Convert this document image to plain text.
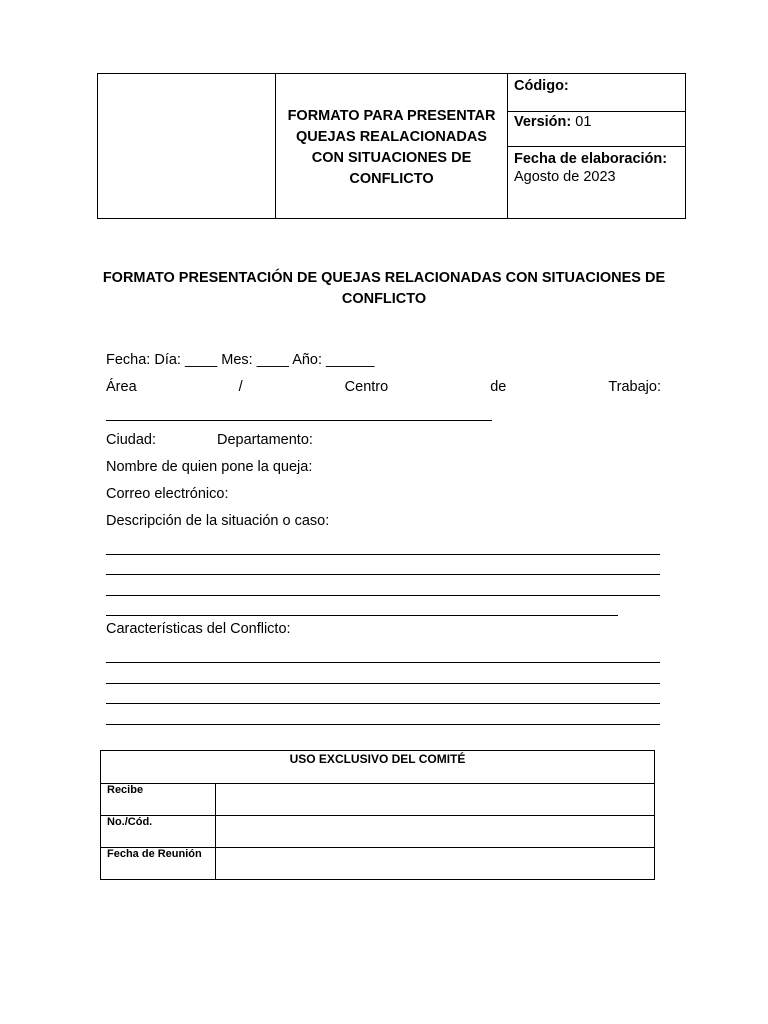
FORMATO PARA PRESENTAR QUEJAS REALACIONADAS CON SITUACIONES DE CONFLICTO
Código:
Versión: 01
Fecha de elaboración:
Agosto de 2023
FORMATO PRESENTACIÓN DE QUEJAS RELACIONADAS CON SITUACIONES DE CONFLICTO
Fecha: Día: ____ Mes: ____ Año: ______
Área	/	Centro	de	Trabajo:
Ciudad:	Departamento:
Nombre de quien pone la queja:
Correo electrónico:
Descripción de la situación o caso:
Características del Conflicto:
USO EXCLUSIVO DEL COMITÉ
Recibe
No./Cód.
Fecha de Reunión
